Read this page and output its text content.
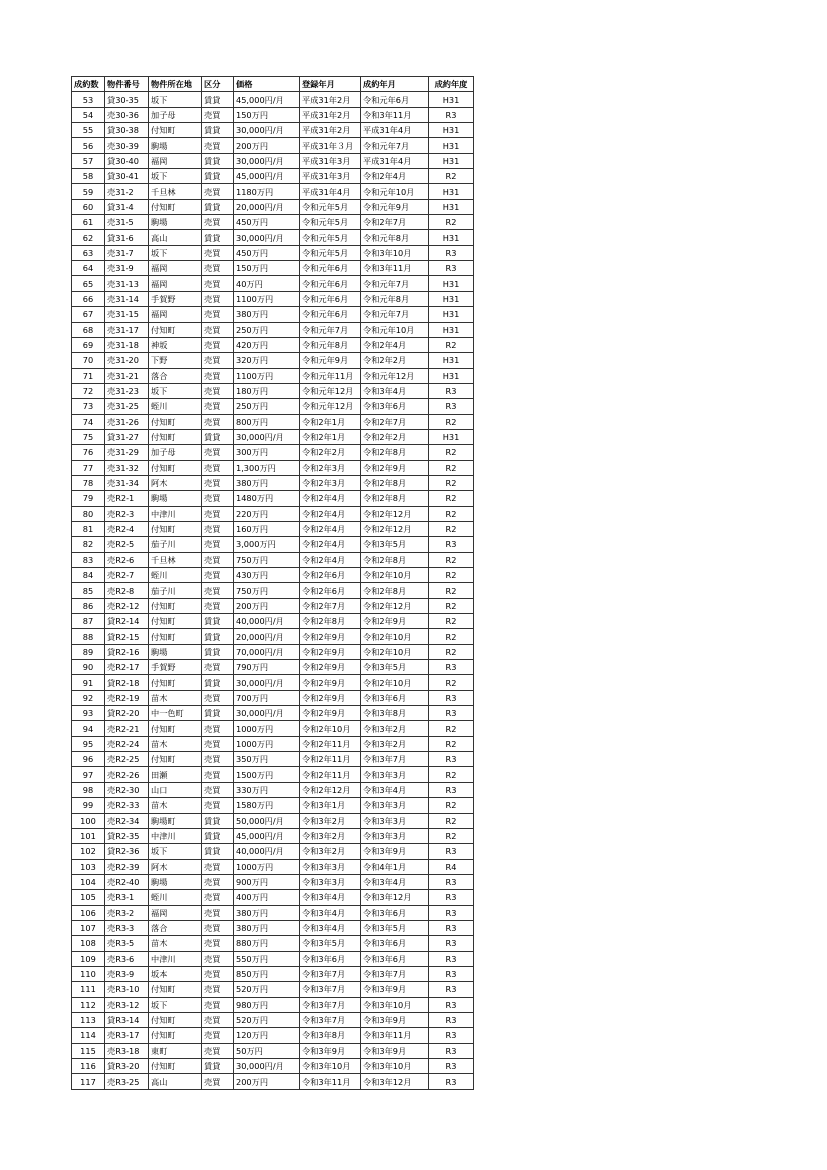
成約数	物件番号	物件所在地	区分	価格	登録年月	成約年月	成約年度
53	貸30-35	坂下	賃貸	45,000円/月	平成31年2月	令和元年6月	H31
54	売30-36	加子母	売買	150万円	平成31年2月	令和3年11月	R3
55	貸30-38	付知町	賃貸	30,000円/月	平成31年2月	平成31年4月	H31
56	売30-39	駒場	売買	200万円	平成31年３月	令和元年7月	H31
57	貸30-40	福岡	賃貸	30,000円/月	平成31年3月	平成31年4月	H31
58	貸30-41	坂下	賃貸	45,000円/月	平成31年3月	令和2年4月	R2
59	売31-2	千旦林	売買	1180万円	平成31年4月	令和元年10月	H31
60	貸31-4	付知町	賃貸	20,000円/月	令和元年5月	令和元年9月	H31
61	売31-5	駒場	売買	450万円	令和元年5月	令和2年7月	R2
62	貸31-6	高山	賃貸	30,000円/月	令和元年5月	令和元年8月	H31
63	売31-7	坂下	売買	450万円	令和元年5月	令和3年10月	R3
64	売31-9	福岡	売買	150万円	令和元年6月	令和3年11月	R3
65	売31-13	福岡	売買	40万円	令和元年6月	令和元年7月	H31
66	売31-14	手賀野	売買	1100万円	令和元年6月	令和元年8月	H31
67	売31-15	福岡	売買	380万円	令和元年6月	令和元年7月	H31
68	売31-17	付知町	売買	250万円	令和元年7月	令和元年10月	H31
69	売31-18	神坂	売買	420万円	令和元年8月	令和2年4月	R2
70	売31-20	下野	売買	320万円	令和元年9月	令和2年2月	H31
71	売31-21	落合	売買	1100万円	令和元年11月	令和元年12月	H31
72	売31-23	坂下	売買	180万円	令和元年12月	令和3年4月	R3
73	売31-25	蛭川	売買	250万円	令和元年12月	令和3年6月	R3
74	売31-26	付知町	売買	800万円	令和2年1月	令和2年7月	R2
75	貸31-27	付知町	賃貸	30,000円/月	令和2年1月	令和2年2月	H31
76	売31-29	加子母	売買	300万円	令和2年2月	令和2年8月	R2
77	売31-32	付知町	売買	1,300万円	令和2年3月	令和2年9月	R2
78	売31-34	阿木	売買	380万円	令和2年3月	令和2年8月	R2
79	売R2-1	駒場	売買	1480万円	令和2年4月	令和2年8月	R2
80	売R2-3	中津川	売買	220万円	令和2年4月	令和2年12月	R2
81	売R2-4	付知町	売買	160万円	令和2年4月	令和2年12月	R2
82	売R2-5	茄子川	売買	3,000万円	令和2年4月	令和3年5月	R3
83	売R2-6	千旦林	売買	750万円	令和2年4月	令和2年8月	R2
84	売R2-7	蛭川	売買	430万円	令和2年6月	令和2年10月	R2
85	売R2-8	茄子川	売買	750万円	令和2年6月	令和2年8月	R2
86	売R2-12	付知町	売買	200万円	令和2年7月	令和2年12月	R2
87	貸R2-14	付知町	賃貸	40,000円/月	令和2年8月	令和2年9月	R2
88	貸R2-15	付知町	賃貸	20,000円/月	令和2年9月	令和2年10月	R2
89	貸R2-16	駒場	賃貸	70,000円/月	令和2年9月	令和2年10月	R2
90	売R2-17	手賀野	売買	790万円	令和2年9月	令和3年5月	R3
91	貸R2-18	付知町	賃貸	30,000円/月	令和2年9月	令和2年10月	R2
92	売R2-19	苗木	売買	700万円	令和2年9月	令和3年6月	R3
93	貸R2-20	中一色町	賃貸	30,000円/月	令和2年9月	令和3年8月	R3
94	売R2-21	付知町	売買	1000万円	令和2年10月	令和3年2月	R2
95	売R2-24	苗木	売買	1000万円	令和2年11月	令和3年2月	R2
96	売R2-25	付知町	売買	350万円	令和2年11月	令和3年7月	R3
97	売R2-26	田瀬	売買	1500万円	令和2年11月	令和3年3月	R2
98	売R2-30	山口	売買	330万円	令和2年12月	令和3年4月	R3
99	売R2-33	苗木	売買	1580万円	令和3年1月	令和3年3月	R2
100	売R2-34	駒場町	賃貸	50,000円/月	令和3年2月	令和3年3月	R2
101	貸R2-35	中津川	賃貸	45,000円/月	令和3年2月	令和3年3月	R2
102	貸R2-36	坂下	賃貸	40,000円/月	令和3年2月	令和3年9月	R3
103	売R2-39	阿木	売買	1000万円	令和3年3月	令和4年1月	R4
104	売R2-40	駒場	売買	900万円	令和3年3月	令和3年4月	R3
105	売R3-1	蛭川	売買	400万円	令和3年4月	令和3年12月	R3
106	売R3-2	福岡	売買	380万円	令和3年4月	令和3年6月	R3
107	売R3-3	落合	売買	380万円	令和3年4月	令和3年5月	R3
108	売R3-5	苗木	売買	880万円	令和3年5月	令和3年6月	R3
109	売R3-6	中津川	売買	550万円	令和3年6月	令和3年6月	R3
110	売R3-9	坂本	売買	850万円	令和3年7月	令和3年7月	R3
111	売R3-10	付知町	売買	520万円	令和3年7月	令和3年9月	R3
112	売R3-12	坂下	売買	980万円	令和3年7月	令和3年10月	R3
113	貸R3-14	付知町	売買	520万円	令和3年7月	令和3年9月	R3
114	売R3-17	付知町	売買	120万円	令和3年8月	令和3年11月	R3
115	売R3-18	東町	売買	50万円	令和3年9月	令和3年9月	R3
116	貸R3-20	付知町	賃貸	30,000円/月	令和3年10月	令和3年10月	R3
117	売R3-25	高山	売買	200万円	令和3年11月	令和3年12月	R3
